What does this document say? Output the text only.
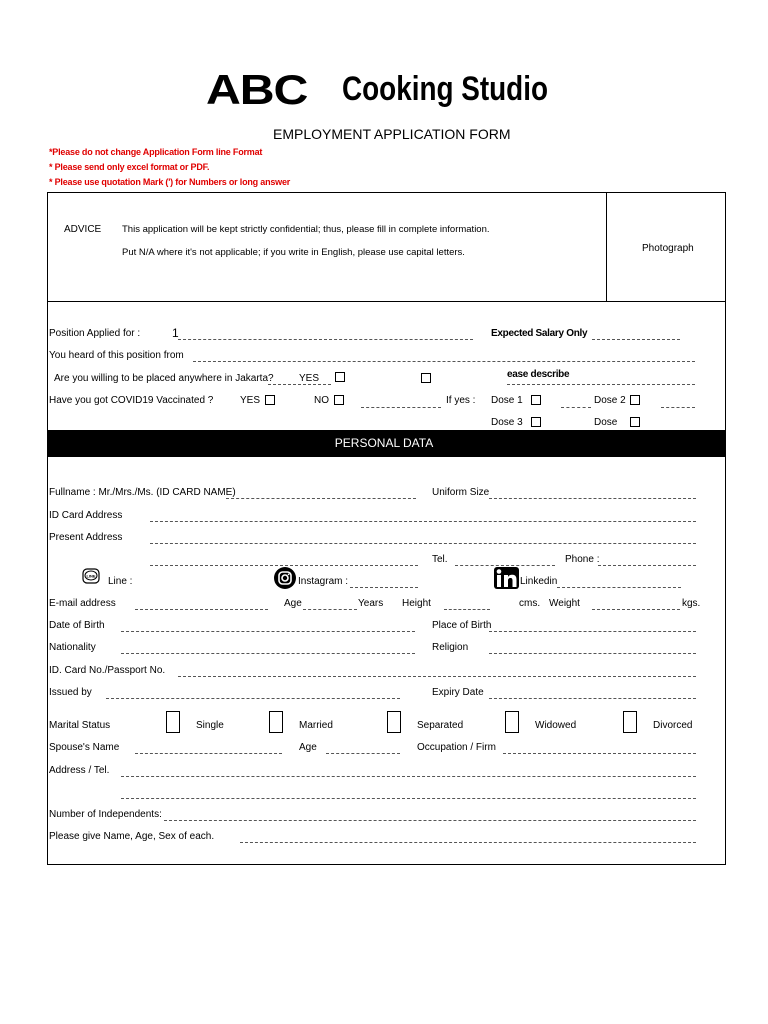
ABC Cooking Studio
EMPLOYMENT APPLICATION FORM
*Please do not change Application Form line Format
* Please send only excel format or PDF.
* Please use quotation Mark (') for Numbers or long answer
ADVICE This application will be kept strictly confidential; thus, please fill in complete information.
Put N/A where it's not applicable; if you write in English, please use capital letters.	Photograph
Position Applied for :	1	Expected Salary Only
You heard of this position from
Are you willing to be placed anywhere in Jakarta?	YES	ease describe
Have you got COVID19 Vaccinated ?	YES	NO	If yes : Dose 1	Dose 2
Dose 3	Dose
PERSONAL DATA
Fullname : Mr./Mrs./Ms. (ID CARD NAME)	Uniform Size
ID Card Address
Present Address
Tel.	Phone :
LINE Line :	Instagram :	Linkedin
E-mail address	Age	Years Height	cms. Weight	kgs.
Date of Birth	Place of Birth
Nationality	Religion
ID. Card No./Passport No.
Issued by	Expiry Date
Marital Status	Single	Married	Separated	Widowed	Divorced
Spouse's Name	Age	Occupation / Firm
Address / Tel.
Number of Independents:
Please give Name, Age, Sex of each.
